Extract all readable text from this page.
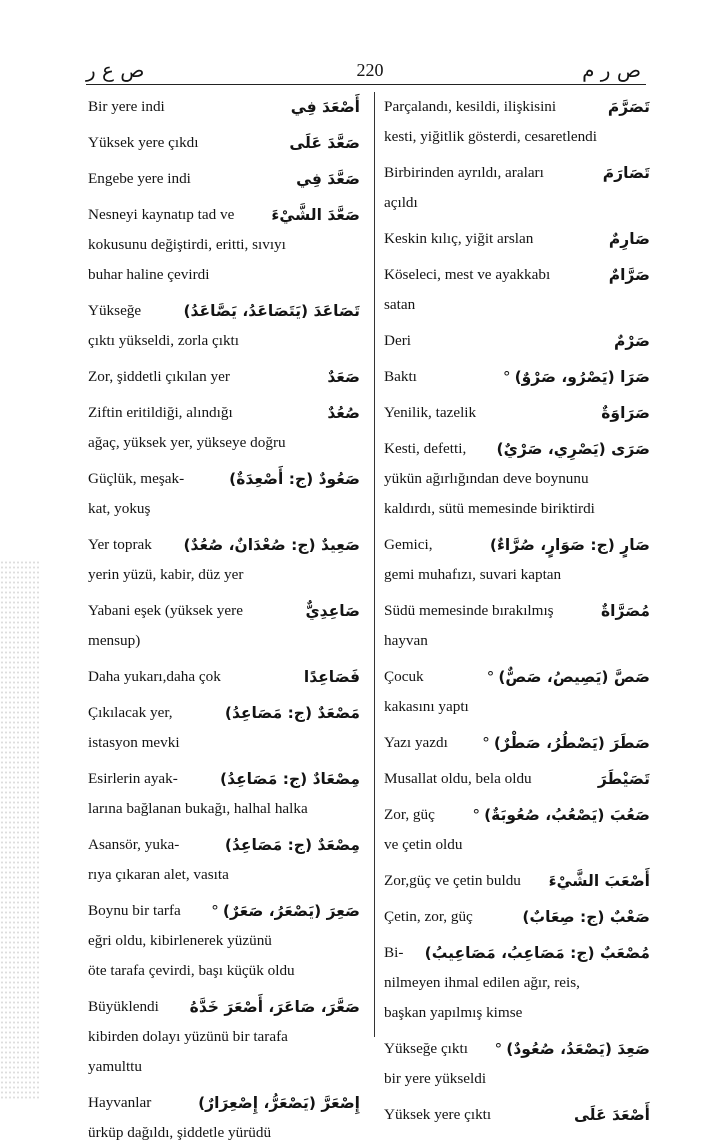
ص ع ر	220	ص ر م
Bir yere indi	أَصْعَدَ فِي
Yüksek yere çıkdı	صَعَّدَ عَلَى
Engebe yere indi	صَعَّدَ فِي
Nesneyi kaynatıp tad ve صَعَّدَ الشَّيْءَ
kokusunu değiştirdi, eritti, sıvıyı
buhar haline çevirdi
Yükseğe	تَصَاعَدَ (يَتَصَاعَدُ، يَصَّاعَدُ)
çıktı yükseldi, zorla çıktı
Zor, şiddetli çıkılan yer	صَعَدٌ
Ziftin eritildiği, alındığı	صُعُدٌ
ağaç, yüksek yer, yükseye doğru
Güçlük, meşak-	صَعُودٌ (ج: أَصْعِدَةٌ)
kat, yokuş
Yer toprak صَعِيدٌ (ج: صُعْدَانٌ، صُعُدٌ)
yerin yüzü, kabir, düz yer
Yabani eşek (yüksek yere	صَاعِدِيٌّ
mensup)
Daha yukarı,daha çok	فَصَاعِدًا
Çıkılacak yer,	مَصْعَدٌ (ج: مَصَاعِدُ)
istasyon mevki
Esirlerin ayak-	مِصْعَادٌ (ج: مَصَاعِدُ)
larına bağlanan bukağı, halhal halka
Asansör, yuka-	مِصْعَدٌ (ج: مَصَاعِدُ)
rıya çıkaran alet, vasıta
Boynu bir tarfa	صَعِرَ (يَصْعَرُ، صَعَرٌ)°
eğri oldu, kibirlenerek yüzünü
öte tarafa çevirdi, başı küçük oldu
Büyüklendi صَعَّرَ، صَاعَرَ، أَصْعَرَ خَدَّهُ
kibirden dolayı yüzünü bir tarafa
yamulttu
Hayvanlar	إِصْعَرَّ (يَصْعَرُّ، إِصْعِرَارٌ)
ürküp dağıldı, şiddetle yürüdü
Parçalandı, kesildi, ilişkisini	تَصَرَّمَ
kesti, yiğitlik gösterdi, cesaretlendi
Birbirinden ayrıldı, araları	تَصَارَمَ
açıldı
Keskin kılıç, yiğit arslan	صَارِمٌ
Köseleci, mest ve ayakkabı	صَرَّامٌ
satan
Deri	صَرْمٌ
Baktı	صَرَا (يَصْرُو، صَرْوٌ)°
Yenilik, tazelik	صَرَاوَةٌ
Kesti, defetti, صَرَى (يَصْرِي، صَرْيٌ)
yükün ağırlığından deve boynunu
kaldırdı, sütü memesinde biriktirdi
Gemici,	صَارٍ (ج: صَوَارٍ، صُرَّاءٌ)
gemi muhafızı, suvari kaptan
Südü memesinde bırakılmış	مُصَرَّاةٌ
hayvan
Çocuk	صَصَّ (يَصِيصُ، صَصٌّ)°
kakasını yaptı
Yazı yazdı	صَطَرَ (يَصْطُرُ، صَطْرٌ)°
Musallat oldu, bela oldu	تَصَيْطَرَ
Zor, güç	صَعُبَ (يَصْعُبُ، صُعُوبَةٌ)°
ve çetin oldu
Zor,güç ve çetin buldu أَصْعَبَ الشَّيْءَ
Çetin, zor, güç	صَعْبٌ (ج: صِعَابٌ)
Bi- مُصْعَبٌ (ج: مَصَاعِبُ، مَصَاعِيبُ)
nilmeyen ihmal edilen ağır, reis,
başkan yapılmış kimse
Yükseğe çıktı	صَعِدَ (يَصْعَدُ، صُعُودٌ)°
bir yere yükseldi
Yüksek yere çıktı	أَصْعَدَ عَلَى
